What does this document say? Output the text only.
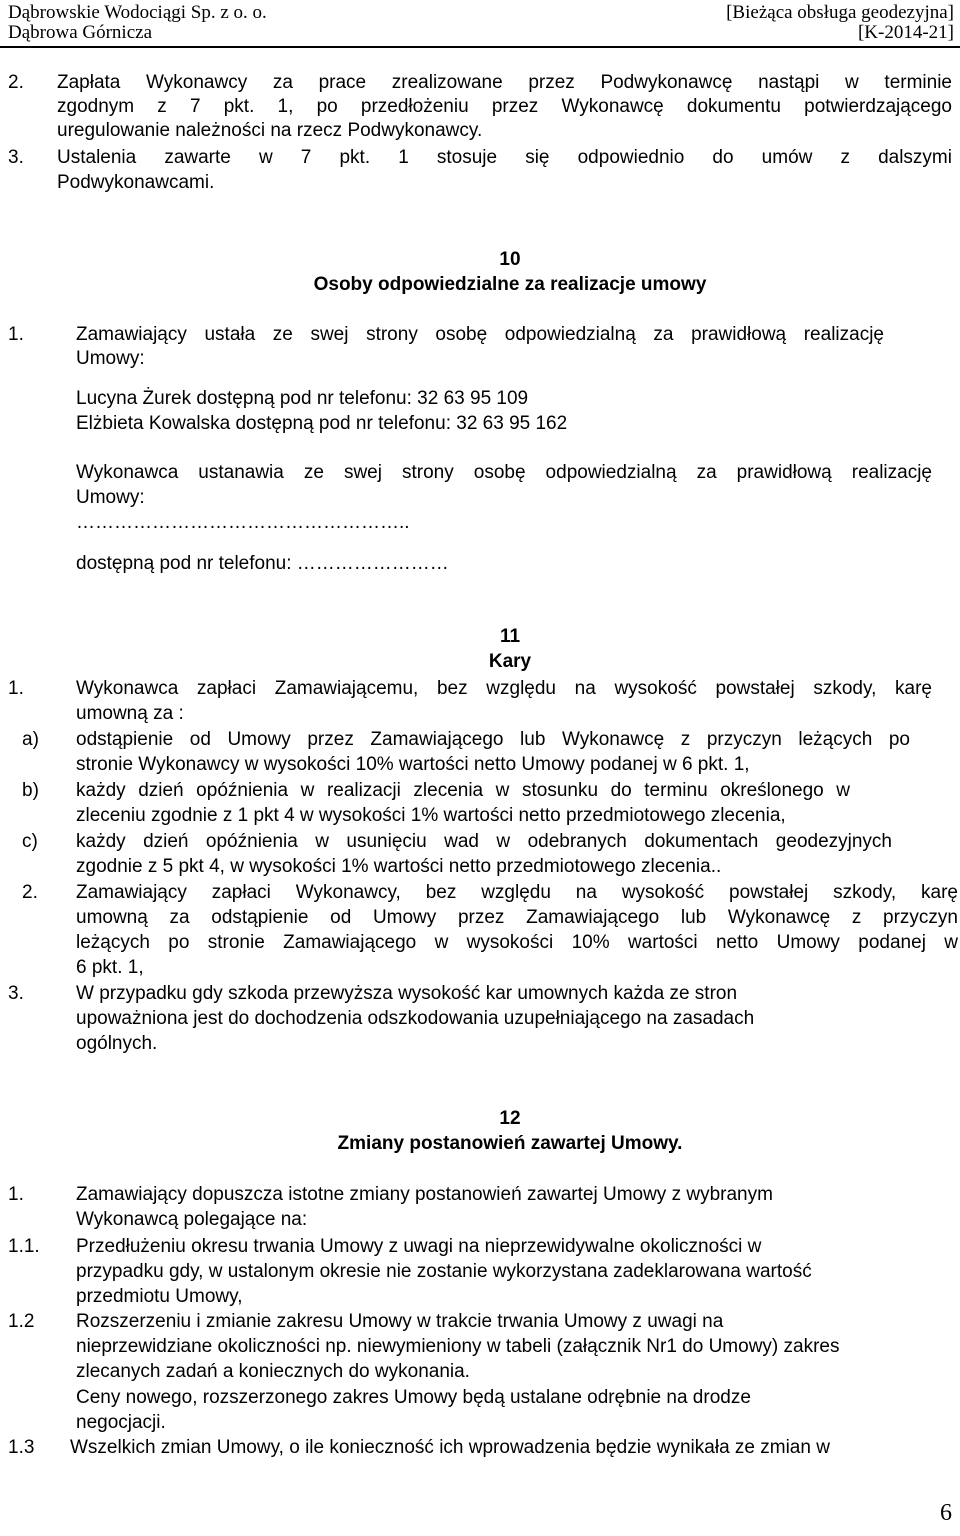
Dąbrowskie Wodociągi Sp. z o. o.
Dąbrowa Górnicza
[Bieżąca obsługa geodezyjna]
[K-2014-21]
2. Zapłata Wykonawcy za prace zrealizowane przez Podwykonawcę nastąpi w terminie
zgodnym z 7 pkt. 1, po przedłożeniu przez Wykonawcę dokumentu potwierdzającego
uregulowanie należności na rzecz Podwykonawcy.
3. Ustalenia zawarte w 7 pkt. 1 stosuje się odpowiednio do umów z dalszymi
Podwykonawcami.
10
Osoby odpowiedzialne za realizacje umowy
1.	Zamawiający ustała ze swej strony osobę odpowiedzialną za prawidłową realizację
Umowy:
Lucyna Żurek dostępną pod nr telefonu: 32 63 95 109
Elżbieta Kowalska dostępną pod nr telefonu: 32 63 95 162
Wykonawca ustanawia ze swej strony osobę odpowiedzialną za prawidłową realizację
Umowy:
……………………………………………..
dostępną pod nr telefonu: ……………………
11
Kary
1.	Wykonawca zapłaci Zamawiającemu, bez względu na wysokość powstałej szkody, karę
umowną za :
a) odstąpienie od Umowy przez Zamawiającego lub Wykonawcę z przyczyn leżących po
stronie Wykonawcy w wysokości 10% wartości netto Umowy podanej w 6 pkt. 1,
b) każdy dzień opóźnienia w realizacji zlecenia w stosunku do terminu określonego w
zleceniu zgodnie z 1 pkt 4 w wysokości 1% wartości netto przedmiotowego zlecenia,
c) każdy dzień opóźnienia w usunięciu wad w odebranych dokumentach geodezyjnych
zgodnie z 5 pkt 4, w wysokości 1% wartości netto przedmiotowego zlecenia..
2. Zamawiający zapłaci Wykonawcy, bez względu na wysokość powstałej szkody, karę
umowną za odstąpienie od Umowy przez Zamawiającego lub Wykonawcę z przyczyn
leżących po stronie Zamawiającego w wysokości 10% wartości netto Umowy podanej w
6 pkt. 1,
3.	W przypadku gdy szkoda przewyższa wysokość kar umownych każda ze stron
upoważniona jest do dochodzenia odszkodowania uzupełniającego na zasadach
ogólnych.
12
Zmiany postanowień zawartej Umowy.
1.	Zamawiający dopuszcza istotne zmiany postanowień zawartej Umowy z wybranym
Wykonawcą polegające na:
1.1. Przedłużeniu okresu trwania Umowy z uwagi na nieprzewidywalne okoliczności w
przypadku gdy, w ustalonym okresie nie zostanie wykorzystana zadeklarowana wartość
przedmiotu Umowy,
1.2 Rozszerzeniu i zmianie zakresu Umowy w trakcie trwania Umowy z uwagi na
nieprzewidziane okoliczności np. niewymieniony w tabeli (załącznik Nr1 do Umowy) zakres
zlecanych zadań a koniecznych do wykonania.
Ceny nowego, rozszerzonego zakres Umowy będą ustalane odrębnie na drodze
negocjacji.
1.3 Wszelkich zmian Umowy, o ile konieczność ich wprowadzenia będzie wynikała ze zmian w
6
